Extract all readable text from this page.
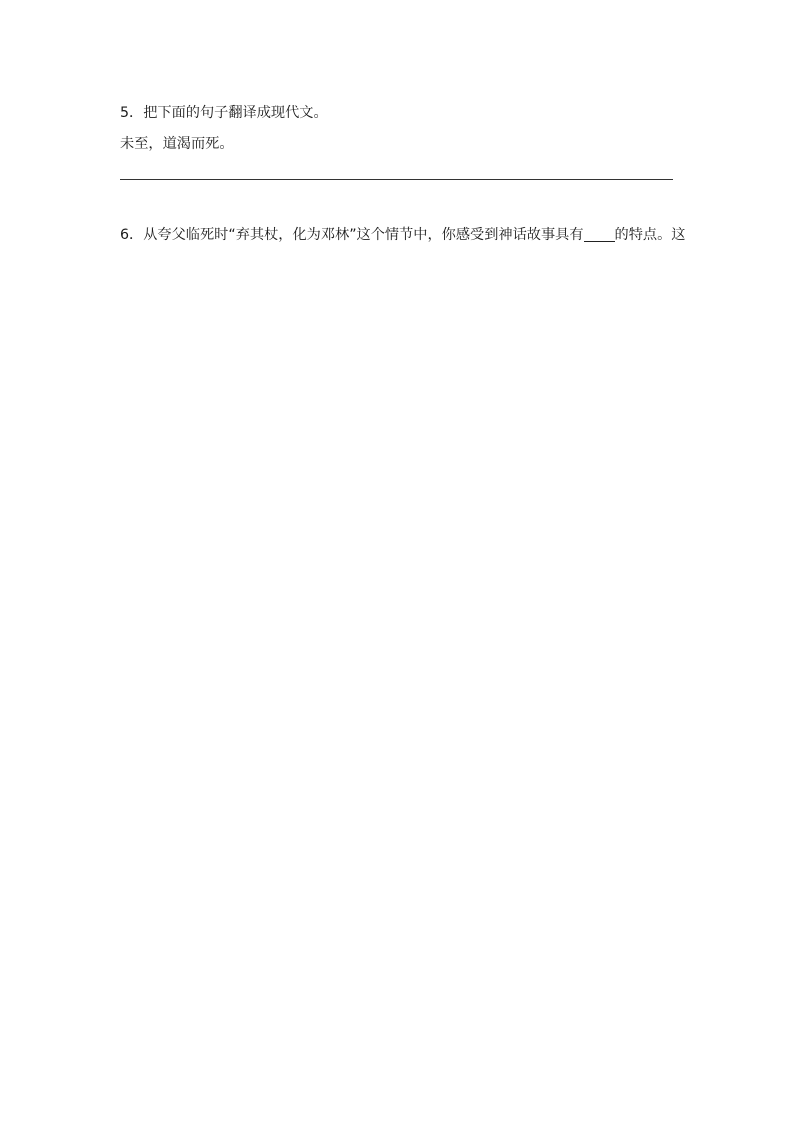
5．把下面的句子翻译成现代文。
未至，道渴而死。
6．从夸父临死时“弃其杖，化为邓林”这个情节中，你感受到神话故事具有 的特点。这
